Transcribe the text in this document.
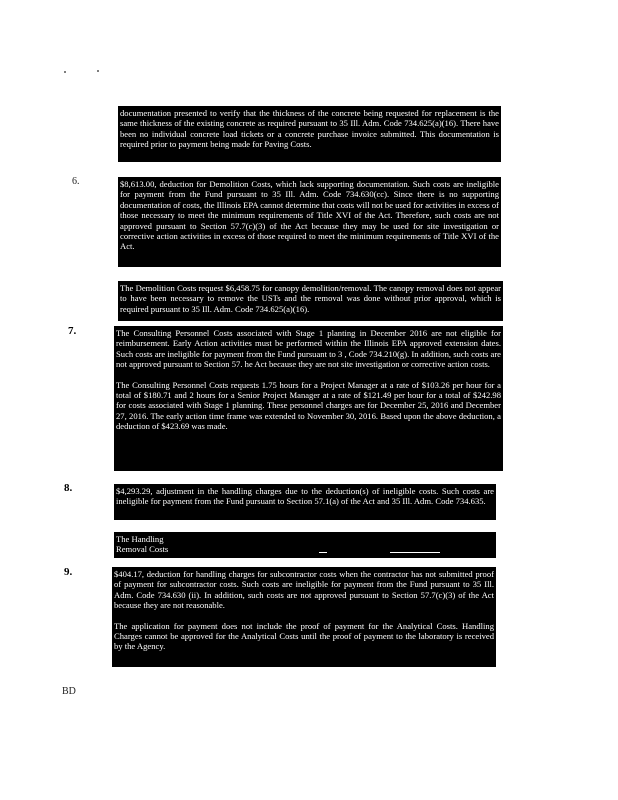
documentation presented to verify that the thickness of the concrete being requested for replacement is the same thickness of the existing concrete as required pursuant to 35 Ill. Adm. Code 734.625(a)(16). There have been no individual concrete load tickets or a concrete purchase invoice submitted. This documentation is required prior to payment being made for Paving Costs.

6.	$8,613.00, deduction for Demolition Costs, which lack supporting documentation. Such costs are ineligible for payment from the Fund pursuant to 35 Ill. Adm. Code 734.630(cc). Since there is no supporting documentation of costs, the Illinois EPA cannot determine that costs will not be used for activities in excess of those necessary to meet the minimum requirements of Title XVI of the Act. Therefore, such costs are not approved pursuant to Section 57.7(c)(3) of the Act because they may be used for site investigation or corrective action activities in excess of those required to meet the minimum requirements of Title XVI of the Act.

The Demolition Costs request $6,458.75 for canopy demolition/removal. The canopy removal does not appear to have been necessary to remove the USTs and the removal was done without prior approval, which is required pursuant to 35 Ill. Adm. Code 734.625(a)(16).

7.	The Consulting Personnel Costs associated with Stage 1 planting in December 2016 are not eligible for reimbursement. Early Action activities must be performed within the Illinois EPA approved extension dates. Such costs are ineligible for payment from the Fund pursuant to 3 , Code 734.210(g). In addition, such costs are not approved pursuant to Section 57. he Act because they are not site investigation or corrective action costs.

The Consulting Personnel Costs requests 1.75 hours for a Project Manager at a rate of $103.26 per hour for a total of $180.71 and 2 hours for a Senior Project Manager at a rate of $121.49 per hour for a total of $242.98 for costs associated with Stage 1 planning. These personnel charges are for December 25, 2016 and December 27, 2016. The early action time frame was extended to November 30, 2016. Based upon the above deduction, a deduction of $423.69 was made.

8.	$4,293.29, adjustment in the handling charges due to the deduction(s) of ineligible costs. Such costs are ineligible for payment from the Fund pursuant to Section 57.1(a) of the Act and 35 Ill. Adm. Code 734.635.

The Handling Removal Costs

9.	$404.17, deduction for handling charges for subcontractor costs when the contractor has not submitted proof of payment for subcontractor costs. Such costs are ineligible for payment from the Fund pursuant to 35 Ill. Adm. Code 734.630 (ii). In addition, such costs are not approved pursuant to Section 57.7(c)(3) of the Act because they are not reasonable.

The application for payment does not include the proof of payment for the Analytical Costs. Handling Charges cannot be approved for the Analytical Costs until the proof of payment to the laboratory is received by the Agency.

BD
